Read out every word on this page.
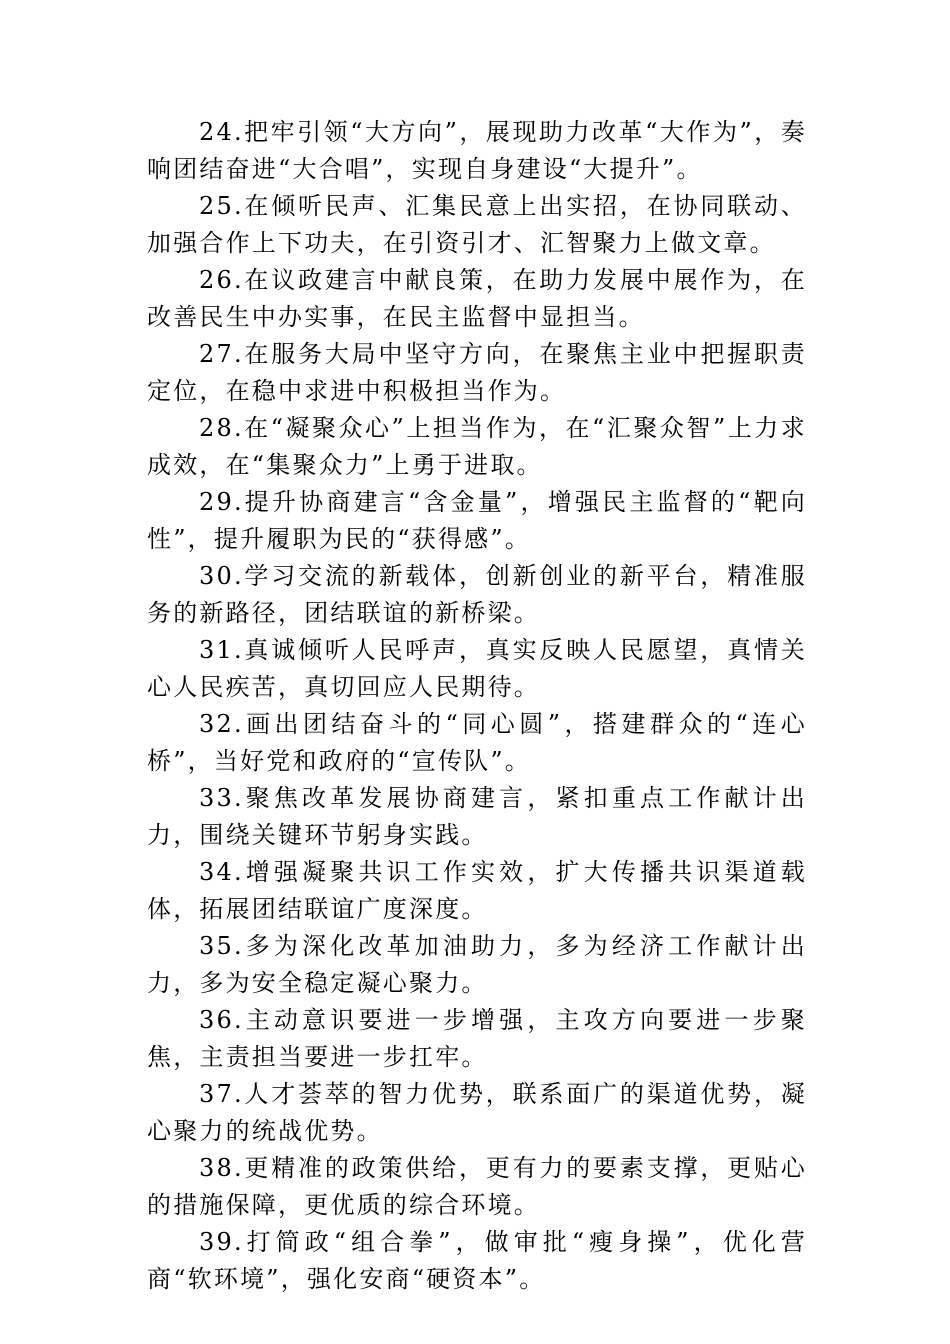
24.把牢引领“大方向”，展现助力改革“大作为”，奏响团结奋进“大合唱”，实现自身建设“大提升”。

25.在倾听民声、汇集民意上出实招，在协同联动、加强合作上下功夫，在引资引才、汇智聚力上做文章。

26.在议政建言中献良策，在助力发展中展作为，在改善民生中办实事，在民主监督中显担当。

27.在服务大局中坚守方向，在聚焦主业中把握职责定位，在稳中求进中积极担当作为。

28.在“凝聚众心”上担当作为，在“汇聚众智”上力求成效，在“集聚众力”上勇于进取。

29.提升协商建言“含金量”，增强民主监督的“靶向性”，提升履职为民的“获得感”。

30.学习交流的新载体，创新创业的新平台，精准服务的新路径，团结联谊的新桥梁。

31.真诚倾听人民呼声，真实反映人民愿望，真情关心人民疾苦，真切回应人民期待。

32.画出团结奋斗的“同心圆”，搭建群众的“连心桥”，当好党和政府的“宣传队”。

33.聚焦改革发展协商建言，紧扣重点工作献计出力，围绕关键环节躬身实践。

34.增强凝聚共识工作实效，扩大传播共识渠道载体，拓展团结联谊广度深度。

35.多为深化改革加油助力，多为经济工作献计出力，多为安全稳定凝心聚力。

36.主动意识要进一步增强，主攻方向要进一步聚焦，主责担当要进一步扛牢。

37.人才荟萃的智力优势，联系面广的渠道优势，凝心聚力的统战优势。

38.更精准的政策供给，更有力的要素支撑，更贴心的措施保障，更优质的综合环境。

39.打简政“组合拳”，做审批“瘦身操”，优化营商“软环境”，强化安商“硬资本”。
